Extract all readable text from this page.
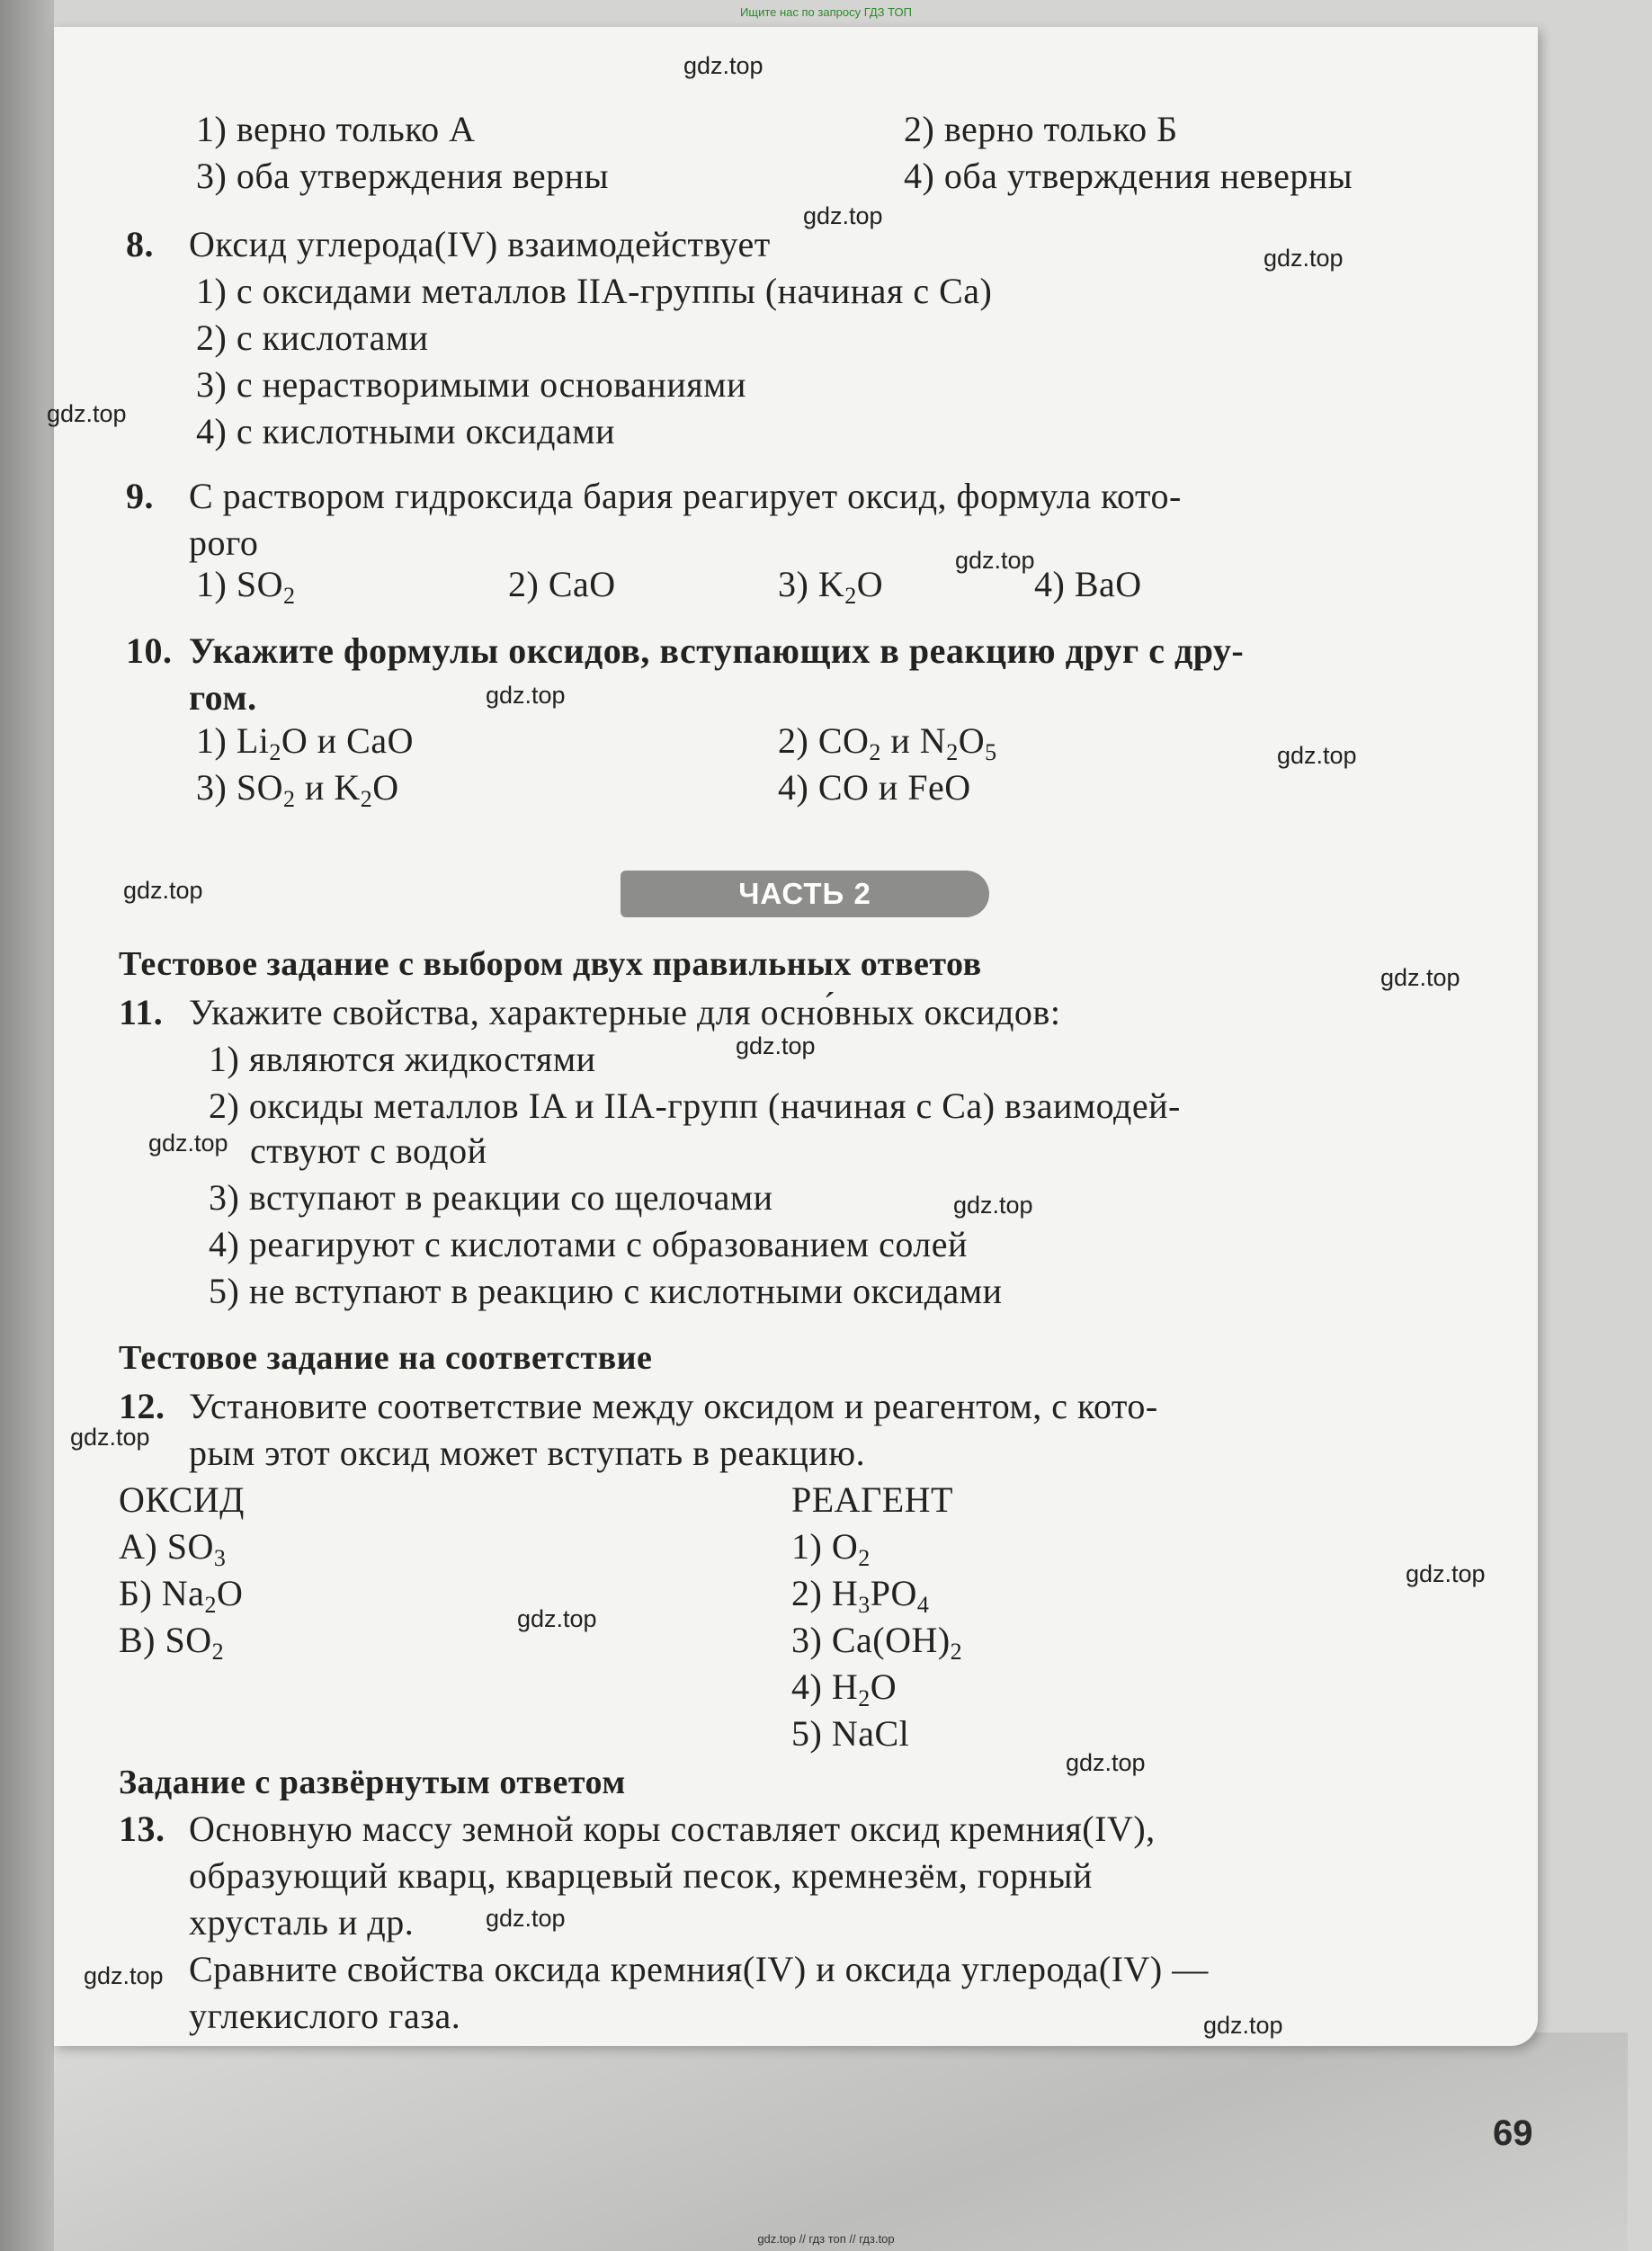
Ищите нас по запросу ГДЗ ТОП
1) верно только А	2) верно только Б
3) оба утверждения верны	4) оба утверждения неверны
8. Оксид углерода(IV) взаимодействует
1) с оксидами металлов IIA-группы (начиная с Ca)
2) с кислотами
3) с нерастворимыми основаниями
4) с кислотными оксидами
9. С раствором гидроксида бария реагирует оксид, формула кото-
рого
1) $SO_2$	2) CaO	3) $K_2O$	4) BaO
10. Укажите формулы оксидов, вступающих в реакцию друг с дру-
гом.
1) $Li_2O$ и CaO	2) $CO_2$ и $N_2O_5$
3) $SO_2$ и $K_2O$	4) CO и FeO
ЧАСТЬ 2
Тестовое задание с выбором двух правильных ответов
11. Укажите свойства, характерные для осно́вных оксидов:
1) являются жидкостями
2) оксиды металлов IA и IIA-групп (начиная с Ca) взаимодей-
ствуют с водой
3) вступают в реакции со щелочами
4) реагируют с кислотами с образованием солей
5) не вступают в реакцию с кислотными оксидами
Тестовое задание на соответствие
12. Установите соответствие между оксидом и реагентом, с кото-
рым этот оксид может вступать в реакцию.
ОКСИД	РЕАГЕНТ
А) $SO_3$
Б) $Na_2O$
В) $SO_2$
1) $O_2$
2) $H_3PO_4$
3) $Ca(OH)_2$
4) $H_2O$
5) NaCl
Задание с развёрнутым ответом
13. Основную массу земной коры составляет оксид кремния(IV),
образующий кварц, кварцевый песок, кремнезём, горный
хрусталь и др.
Сравните свойства оксида кремния(IV) и оксида углерода(IV) —
углекислого газа.
gdz.top
gdz.top
gdz.top
gdz.top
gdz.top
gdz.top
gdz.top
gdz.top
gdz.top
gdz.top
gdz.top
gdz.top
gdz.top
gdz.top
gdz.top
gdz.top
gdz.top
gdz.top
gdz.top
69
gdz.top // гдз топ // гдз.top
